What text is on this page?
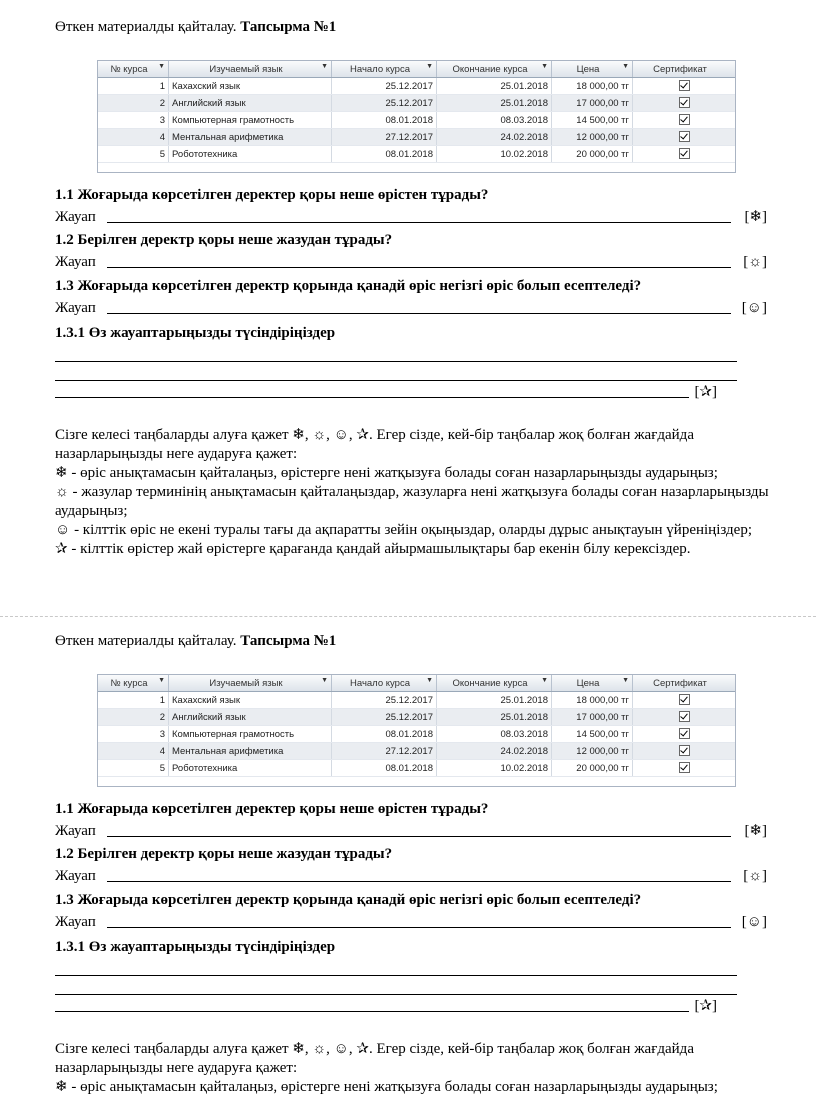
Өткен материалды қайталау. Тапсырма №1
№ курса ▼	Изучаемый язык ▼	Начало курса ▼	Окончание курса ▼	Цена ▼	Сертификат
1	Кахахский язык	25.12.2017	25.01.2018	18 000,00 тг	
2	Английский язык	25.12.2017	25.01.2018	17 000,00 тг	
3	Компьютерная грамотность	08.01.2018	08.03.2018	14 500,00 тг	
4	Ментальная арифметика	27.12.2017	24.02.2018	12 000,00 тг	
5	Робототехника	08.01.2018	10.02.2018	20 000,00 тг	
1.1 Жоғарыда көрсетілген деректер қоры неше өрістен тұрады?
Жауап	[❄]
1.2 Берілген деректр қоры неше жазудан тұрады?
Жауап	[☼]
1.3 Жоғарыда көрсетілген деректр қорында қанадй өріс негізгі өріс болып есептеледі?
Жауап	[☺]
1.3.1 Өз жауаптарыңызды түсіндіріңіздер
[✰]

Сізге келесі таңбаларды алуға қажет ❄, ☼, ☺, ✰. Егер сізде, кей-бір таңбалар жоқ болған жағдайда назарларыңызды неге аударуға қажет:

❄ - өріс анықтамасын қайталаңыз, өрістерге нені жатқызуға болады соған назарларыңызды аударыңыз;

☼ - жазулар терминінің анықтамасын қайталаңыздар, жазуларға нені жатқызуға болады соған назарларыңызды аударыңыз;

☺ - кілттік өріс не екені туралы тағы да ақпаратты зейін оқыңыздар, оларды дұрыс анықтауын үйреніңіздер;

✰ - кілттік өрістер жай өрістерге қарағанда қандай айырмашылықтары бар екенін білу керексіздер.

Өткен материалды қайталау. Тапсырма №1
№ курса ▼	Изучаемый язык ▼	Начало курса ▼	Окончание курса ▼	Цена ▼	Сертификат
1	Кахахский язык	25.12.2017	25.01.2018	18 000,00 тг	
2	Английский язык	25.12.2017	25.01.2018	17 000,00 тг	
3	Компьютерная грамотность	08.01.2018	08.03.2018	14 500,00 тг	
4	Ментальная арифметика	27.12.2017	24.02.2018	12 000,00 тг	
5	Робототехника	08.01.2018	10.02.2018	20 000,00 тг	
1.1 Жоғарыда көрсетілген деректер қоры неше өрістен тұрады?
Жауап	[❄]
1.2 Берілген деректр қоры неше жазудан тұрады?
Жауап	[☼]
1.3 Жоғарыда көрсетілген деректр қорында қанадй өріс негізгі өріс болып есептеледі?
Жауап	[☺]
1.3.1 Өз жауаптарыңызды түсіндіріңіздер
[✰]

Сізге келесі таңбаларды алуға қажет ❄, ☼, ☺, ✰. Егер сізде, кей-бір таңбалар жоқ болған жағдайда назарларыңызды неге аударуға қажет:

❄ - өріс анықтамасын қайталаңыз, өрістерге нені жатқызуға болады соған назарларыңызды аударыңыз;
